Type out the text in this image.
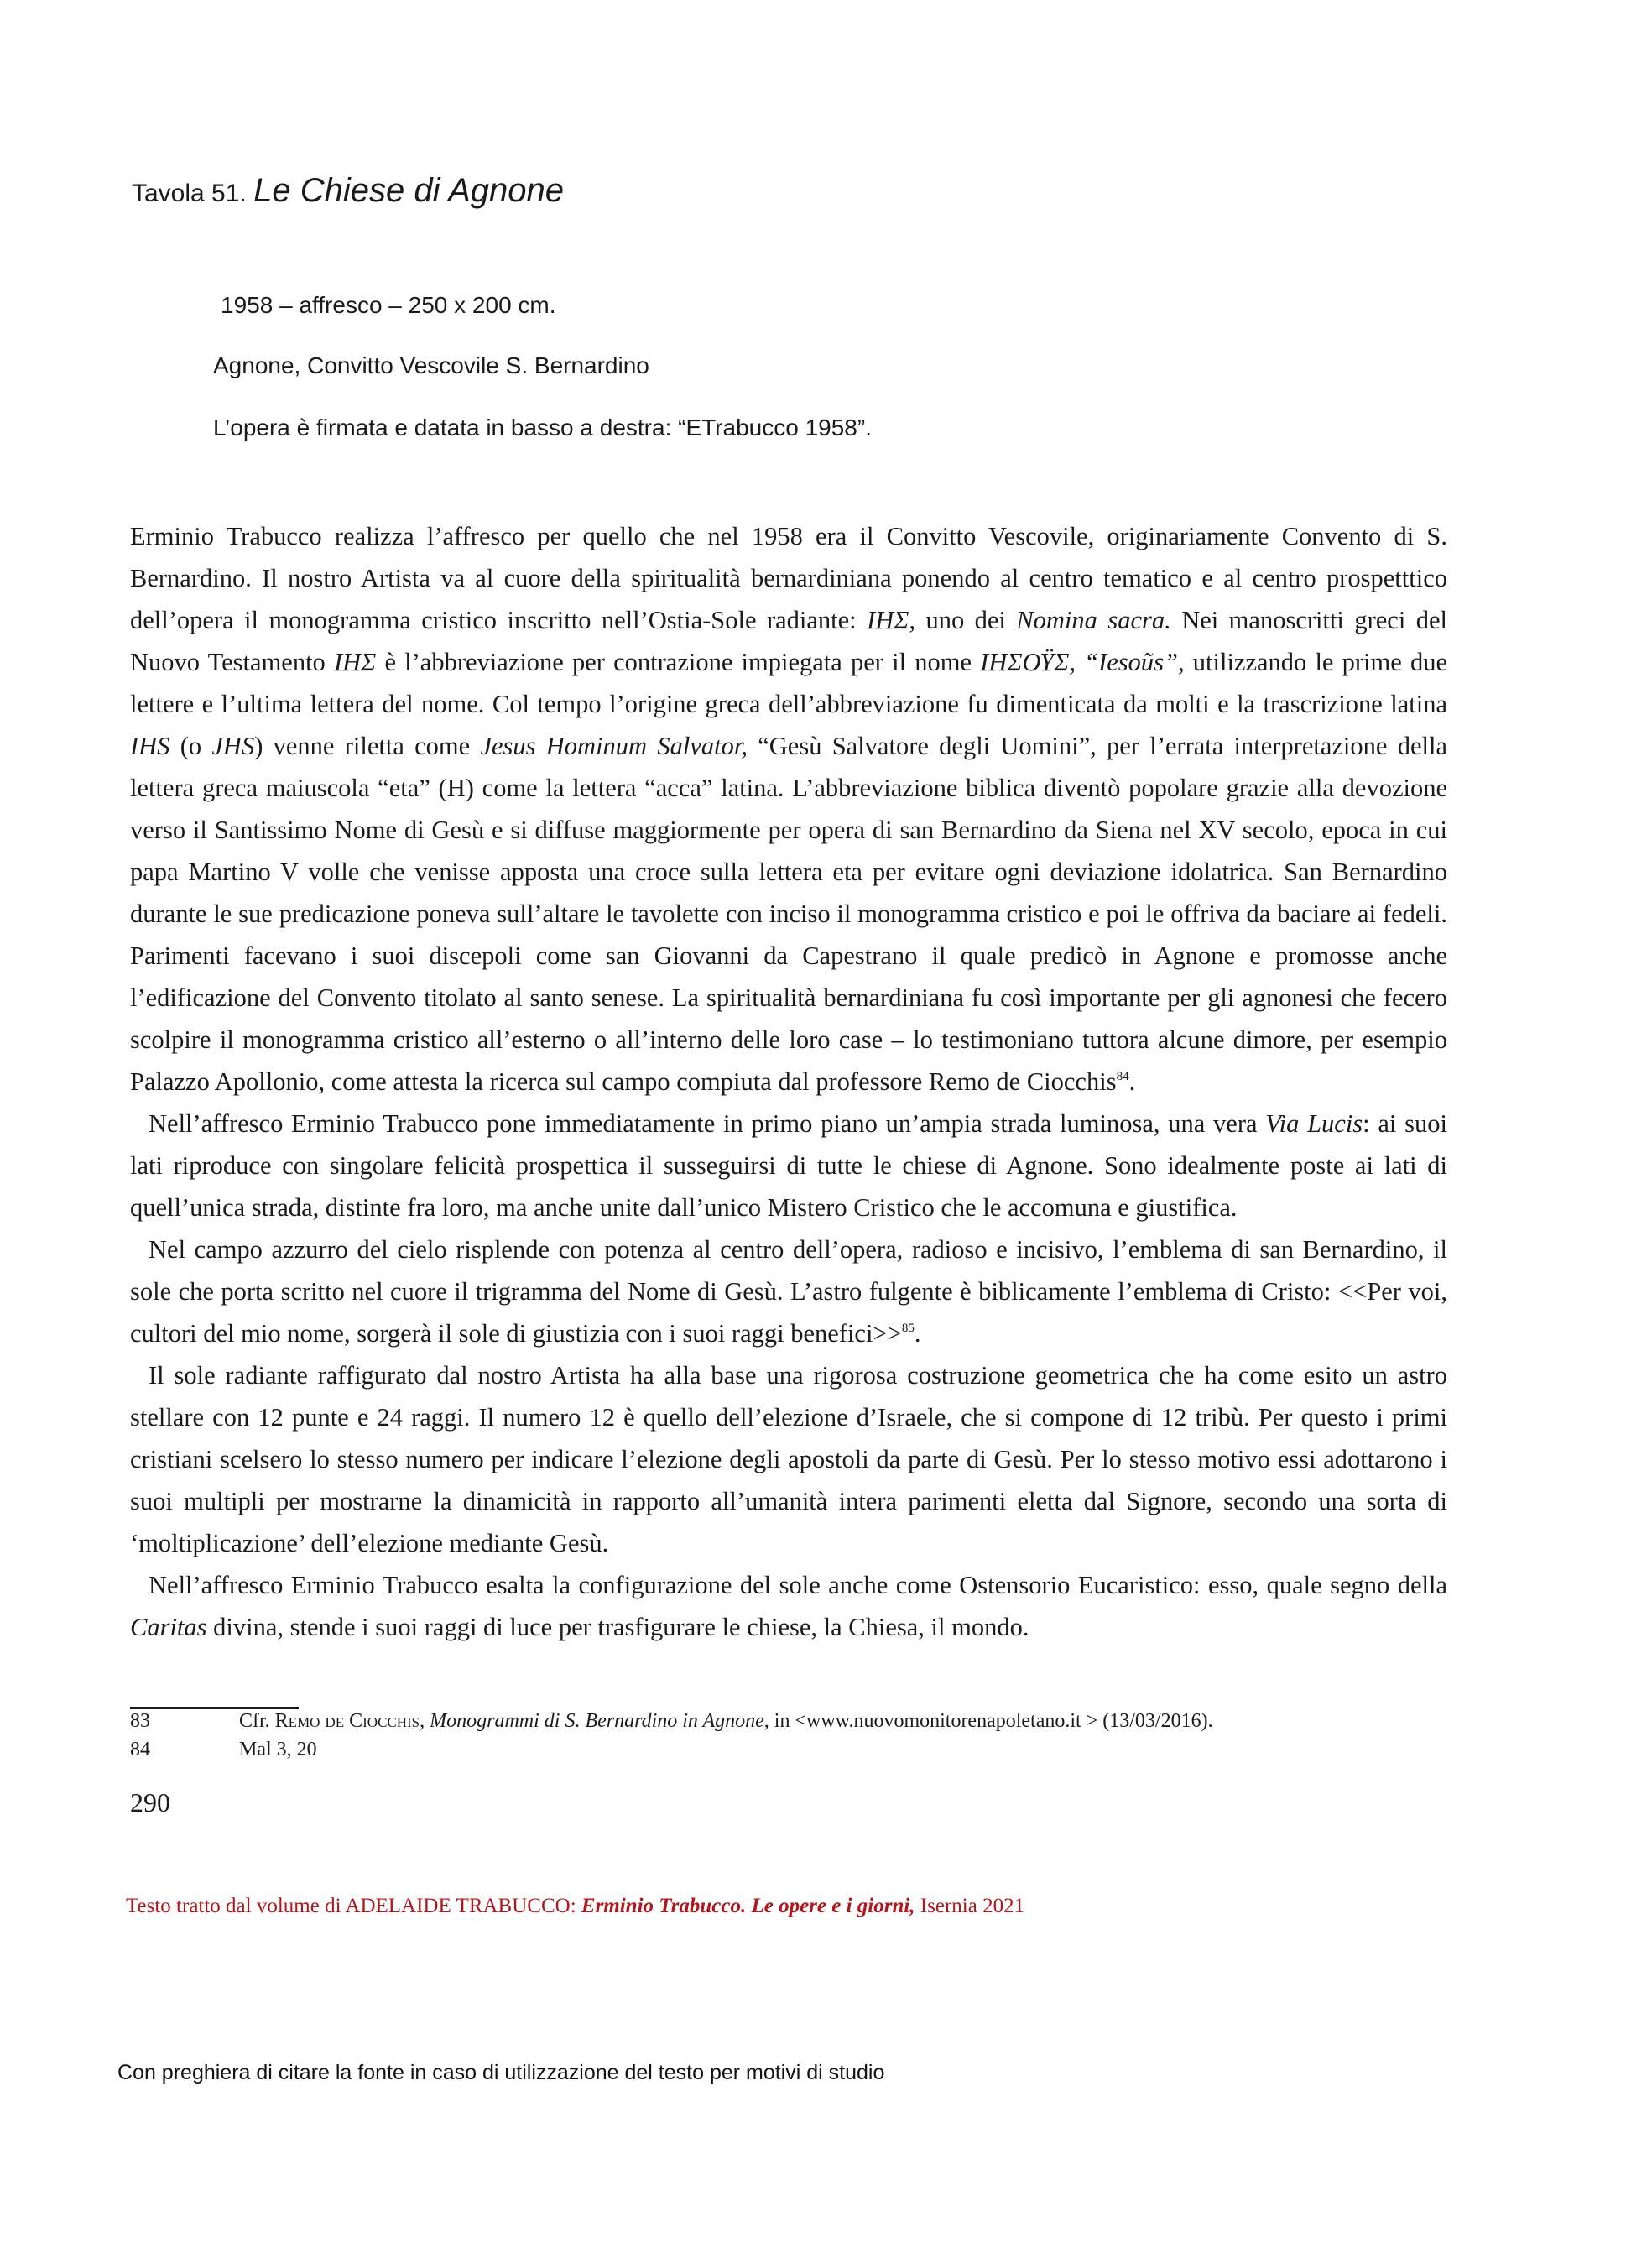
Tavola 51. Le Chiese di Agnone
1958 – affresco – 250 x 200 cm.
Agnone, Convitto Vescovile S. Bernardino
L’opera è firmata e datata in basso a destra: “ETrabucco 1958”.

Erminio Trabucco realizza l’affresco per quello che nel 1958 era il Convitto Vescovile, originariamente Convento di S. Bernardino. Il nostro Artista va al cuore della spiritualità bernardiniana ponendo al centro tematico e al centro prospetttico dell’opera il monogramma cristico inscritto nell’Ostia-Sole radiante: ΙΗΣ, uno dei Nomina sacra. Nei manoscritti greci del Nuovo Testamento ΙΗΣ è l’abbreviazione per contrazione impiegata per il nome ΙΗΣΟΫΣ, “Iesoũs”, utilizzando le prime due lettere e l’ultima lettera del nome. Col tempo l’origine greca dell’abbreviazione fu dimenticata da molti e la trascrizione latina IHS (o JHS) venne riletta come Jesus Hominum Salvator, “Gesù Salvatore degli Uomini”, per l’errata interpretazione della lettera greca maiuscola “eta” (H) come la lettera “acca” latina. L’abbreviazione biblica diventò popolare grazie alla devozione verso il Santissimo Nome di Gesù e si diffuse maggiormente per opera di san Bernardino da Siena nel XV secolo, epoca in cui papa Martino V volle che venisse apposta una croce sulla lettera eta per evitare ogni deviazione idolatrica. San Bernardino durante le sue predicazione poneva sull’altare le tavolette con inciso il monogramma cristico e poi le offriva da baciare ai fedeli. Parimenti facevano i suoi discepoli come san Giovanni da Capestrano il quale predicò in Agnone e promosse anche l’edificazione del Convento titolato al santo senese. La spiritualità bernardiniana fu così importante per gli agnonesi che fecero scolpire il monogramma cristico all’esterno o all’interno delle loro case – lo testimoniano tuttora alcune dimore, per esempio Palazzo Apollonio, come attesta la ricerca sul campo compiuta dal professore Remo de Ciocchis$^{84}$.

Nell’affresco Erminio Trabucco pone immediatamente in primo piano un’ampia strada luminosa, una vera Via Lucis: ai suoi lati riproduce con singolare felicità prospettica il susseguirsi di tutte le chiese di Agnone. Sono idealmente poste ai lati di quell’unica strada, distinte fra loro, ma anche unite dall’unico Mistero Cristico che le accomuna e giustifica.

Nel campo azzurro del cielo risplende con potenza al centro dell’opera, radioso e incisivo, l’emblema di san Bernardino, il sole che porta scritto nel cuore il trigramma del Nome di Gesù. L’astro fulgente è biblicamente l’emblema di Cristo: <<Per voi, cultori del mio nome, sorgerà il sole di giustizia con i suoi raggi benefici>>$^{85}$.

Il sole radiante raffigurato dal nostro Artista ha alla base una rigorosa costruzione geometrica che ha come esito un astro stellare con 12 punte e 24 raggi. Il numero 12 è quello dell’elezione d’Israele, che si compone di 12 tribù. Per questo i primi cristiani scelsero lo stesso numero per indicare l’elezione degli apostoli da parte di Gesù. Per lo stesso motivo essi adottarono i suoi multipli per mostrarne la dinamicità in rapporto all’umanità intera parimenti eletta dal Signore, secondo una sorta di ‘moltiplicazione’ dell’elezione mediante Gesù.

Nell’affresco Erminio Trabucco esalta la configurazione del sole anche come Ostensorio Eucaristico: esso, quale segno della Caritas divina, stende i suoi raggi di luce per trasfigurare le chiese, la Chiesa, il mondo.

83	Cfr. Remo de Ciocchis, Monogrammi di S. Bernardino in Agnone, in <www.nuovomonitorenapoletano.it > (13/03/2016).
84	Mal 3, 20
290
Testo tratto dal volume di ADELAIDE TRABUCCO: Erminio Trabucco. Le opere e i giorni, Isernia 2021
Con preghiera di citare la fonte in caso di utilizzazione del testo per motivi di studio
